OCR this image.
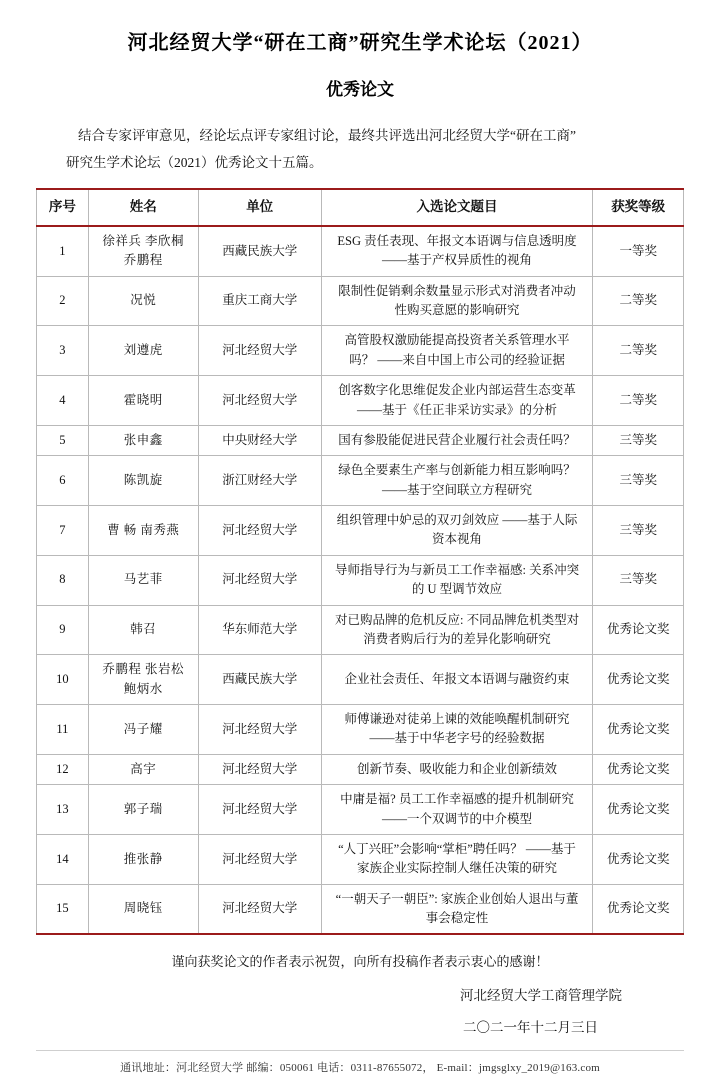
河北经贸大学“研在工商”研究生学术论坛（2021）
优秀论文

结合专家评审意见，经论坛点评专家组讨论，最终共评选出河北经贸大学“研在工商”

研究生学术论坛（2021）优秀论文十五篇。

序号	姓名	单位	入选论文题目	获奖等级
1	徐祥兵 李欣桐
乔鹏程	西藏民族大学	ESG 责任表现、年报文本语调与信息透明度
——基于产权异质性的视角	一等奖
2	况悦	重庆工商大学	限制性促销剩余数量显示形式对消费者冲动
性购买意愿的影响研究	二等奖
3	刘遵虎	河北经贸大学	高管股权激励能提高投资者关系管理水平
吗？ ——来自中国上市公司的经验证据	二等奖
4	霍晓明	河北经贸大学	创客数字化思维促发企业内部运营生态变革
——基于《任正非采访实录》的分析	二等奖
5	张申鑫	中央财经大学	国有参股能促进民营企业履行社会责任吗？	三等奖
6	陈凯旋	浙江财经大学	绿色全要素生产率与创新能力相互影响吗？
——基于空间联立方程研究	三等奖
7	曹 畅 南秀燕	河北经贸大学	组织管理中妒忌的双刃剑效应 ——基于人际
资本视角	三等奖
8	马艺菲	河北经贸大学	导师指导行为与新员工工作幸福感: 关系冲突
的 U 型调节效应	三等奖
9	韩召	华东师范大学	对已购品牌的危机反应: 不同品牌危机类型对
消费者购后行为的差异化影响研究	优秀论文奖
10	乔鹏程 张岩松
鲍炳水	西藏民族大学	企业社会责任、年报文本语调与融资约束	优秀论文奖
11	冯子耀	河北经贸大学	师傅谦逊对徒弟上谏的效能唤醒机制研究
——基于中华老字号的经验数据	优秀论文奖
12	高宇	河北经贸大学	创新节奏、吸收能力和企业创新绩效	优秀论文奖
13	郭子瑞	河北经贸大学	中庸是福? 员工工作幸福感的提升机制研究
——一个双调节的中介模型	优秀论文奖
14	推张静	河北经贸大学	“人丁兴旺”会影响“掌柜”聘任吗？ ——基于
家族企业实际控制人继任决策的研究	优秀论文奖
15	周晓钰	河北经贸大学	“一朝天子一朝臣”: 家族企业创始人退出与董
事会稳定性	优秀论文奖
谨向获奖论文的作者表示祝贺，向所有投稿作者表示衷心的感谢！
河北经贸大学工商管理学院
二〇二一年十二月三日
通讯地址：河北经贸大学 邮编：050061 电话：0311-87655072， E-mail：jmgsglxy_2019@163.com
